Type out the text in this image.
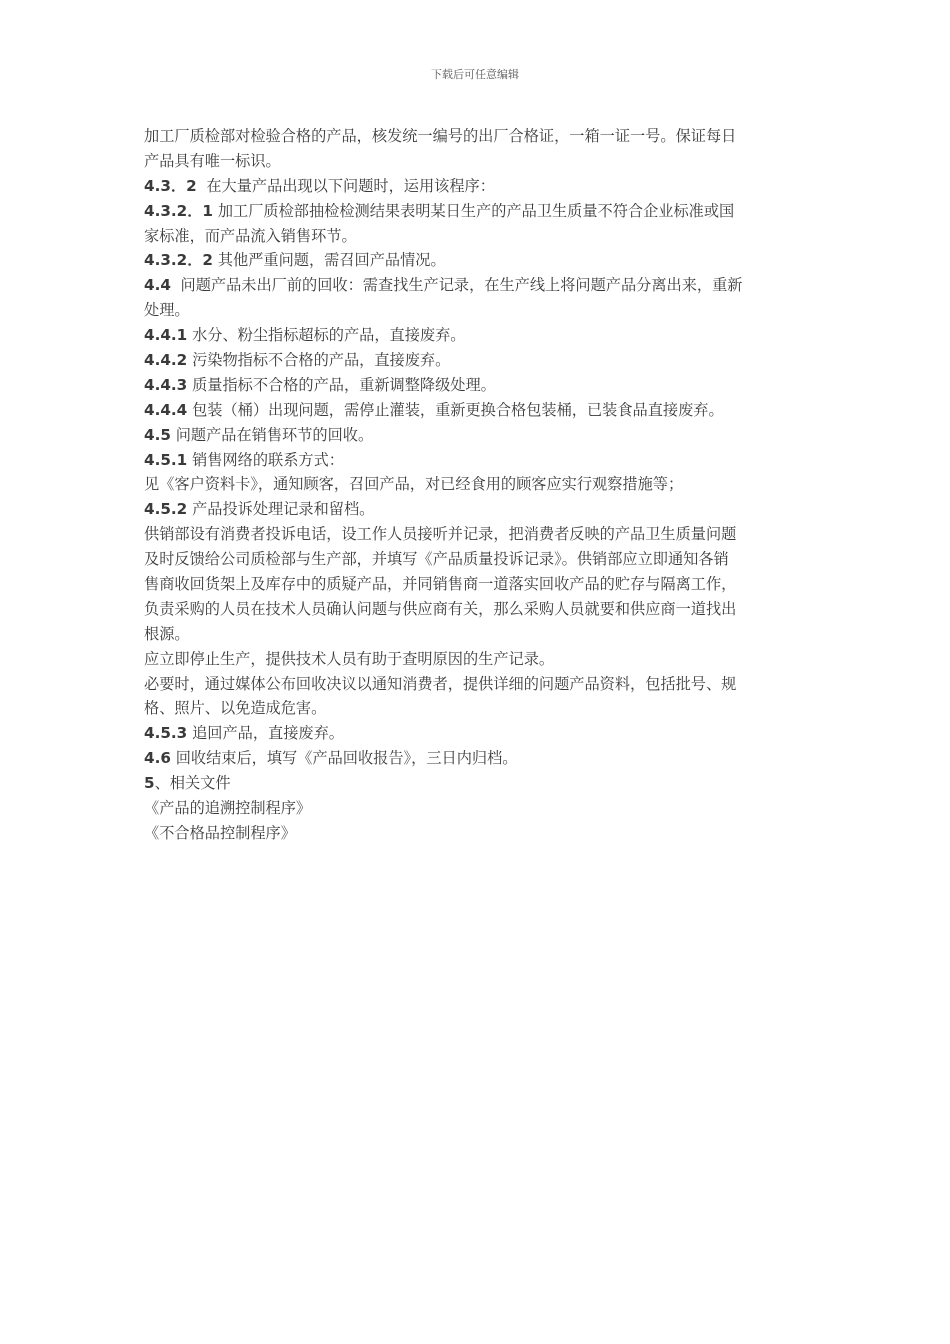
下载后可任意编辑
加工厂质检部对检验合格的产品，核发统一编号的出厂合格证，一箱一证一号。保证每日
产品具有唯一标识。
4.3．2  在大量产品出现以下问题时，运用该程序：
4.3.2．1 加工厂质检部抽检检测结果表明某日生产的产品卫生质量不符合企业标准或国
家标准，而产品流入销售环节。
4.3.2．2 其他严重问题，需召回产品情况。
4.4  问题产品未出厂前的回收：需查找生产记录，在生产线上将问题产品分离出来，重新
处理。
4.4.1 水分、粉尘指标超标的产品，直接废弃。
4.4.2 污染物指标不合格的产品，直接废弃。
4.4.3 质量指标不合格的产品，重新调整降级处理。
4.4.4 包装（桶）出现问题，需停止灌装，重新更换合格包装桶，已装食品直接废弃。
4.5 问题产品在销售环节的回收。
4.5.1 销售网络的联系方式：
见《客户资料卡》，通知顾客，召回产品，对已经食用的顾客应实行观察措施等；
4.5.2 产品投诉处理记录和留档。
供销部设有消费者投诉电话，设工作人员接听并记录，把消费者反映的产品卫生质量问题
及时反馈给公司质检部与生产部，并填写《产品质量投诉记录》。供销部应立即通知各销
售商收回货架上及库存中的质疑产品，并同销售商一道落实回收产品的贮存与隔离工作，
负责采购的人员在技术人员确认问题与供应商有关，那么采购人员就要和供应商一道找出
根源。
应立即停止生产，提供技术人员有助于查明原因的生产记录。
必要时，通过媒体公布回收决议以通知消费者，提供详细的问题产品资料，包括批号、规
格、照片、以免造成危害。
4.5.3 追回产品，直接废弃。
4.6 回收结束后，填写《产品回收报告》，三日内归档。
5、相关文件
《产品的追溯控制程序》
《不合格品控制程序》
